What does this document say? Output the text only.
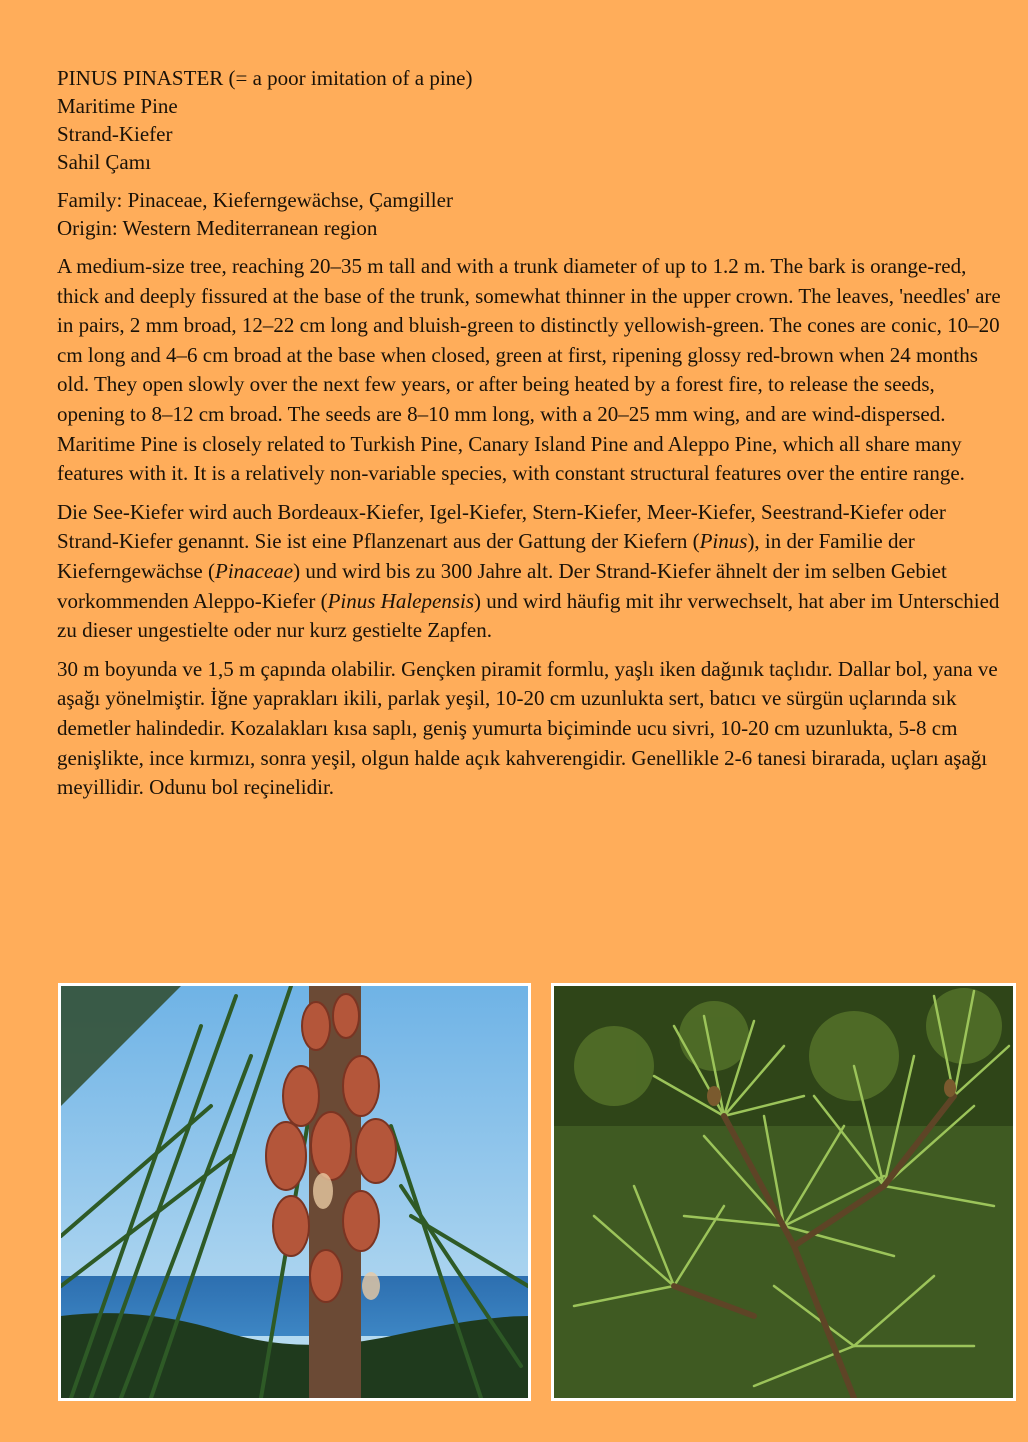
PINUS PINASTER (= a poor imitation of a pine)
Maritime Pine
Strand-Kiefer
Sahil Çamı
Family: Pinaceae, Kieferngewächse, Çamgiller
Origin: Western Mediterranean region

A medium-size tree, reaching 20–35 m tall and with a trunk diameter of up to 1.2 m. The bark is orange-red, thick and deeply fissured at the base of the trunk, somewhat thinner in the upper crown. The leaves, 'needles' are in pairs, 2 mm broad, 12–22 cm long and bluish-green to distinctly yellowish-green. The cones are conic, 10–20 cm long and 4–6 cm broad at the base when closed, green at first, ripening glossy red-brown when 24 months old. They open slowly over the next few years, or after being heated by a forest fire, to release the seeds, opening to 8–12 cm broad. The seeds are 8–10 mm long, with a 20–25 mm wing, and are wind-dispersed. Maritime Pine is closely related to Turkish Pine, Canary Island Pine and Aleppo Pine, which all share many features with it. It is a relatively non-variable species, with constant structural features over the entire range.

Die See-Kiefer wird auch Bordeaux-Kiefer, Igel-Kiefer, Stern-Kiefer, Meer-Kiefer, Seestrand-Kiefer oder Strand-Kiefer genannt. Sie ist eine Pflanzenart aus der Gattung der Kiefern (Pinus), in der Familie der Kieferngewächse (Pinaceae) und wird bis zu 300 Jahre alt. Der Strand-Kiefer ähnelt der im selben Gebiet vorkommenden Aleppo-Kiefer (Pinus Halepensis) und wird häufig mit ihr verwechselt, hat aber im Unterschied zu dieser ungestielte oder nur kurz gestielte Zapfen.

30 m boyunda ve 1,5 m çapında olabilir. Gençken piramit formlu, yaşlı iken dağınık taçlıdır. Dallar bol, yana ve aşağı yönelmiştir. İğne yaprakları ikili, parlak yeşil, 10-20 cm uzunlukta sert, batıcı ve sürgün uçlarında sık demetler halindedir. Kozalakları kısa saplı, geniş yumurta biçiminde ucu sivri, 10-20 cm uzunlukta, 5-8 cm genişlikte, ince kırmızı, sonra yeşil, olgun halde açık kahverengidir. Genellikle 2-6 tanesi birarada, uçları aşağı meyillidir. Odunu bol reçinelidir.
